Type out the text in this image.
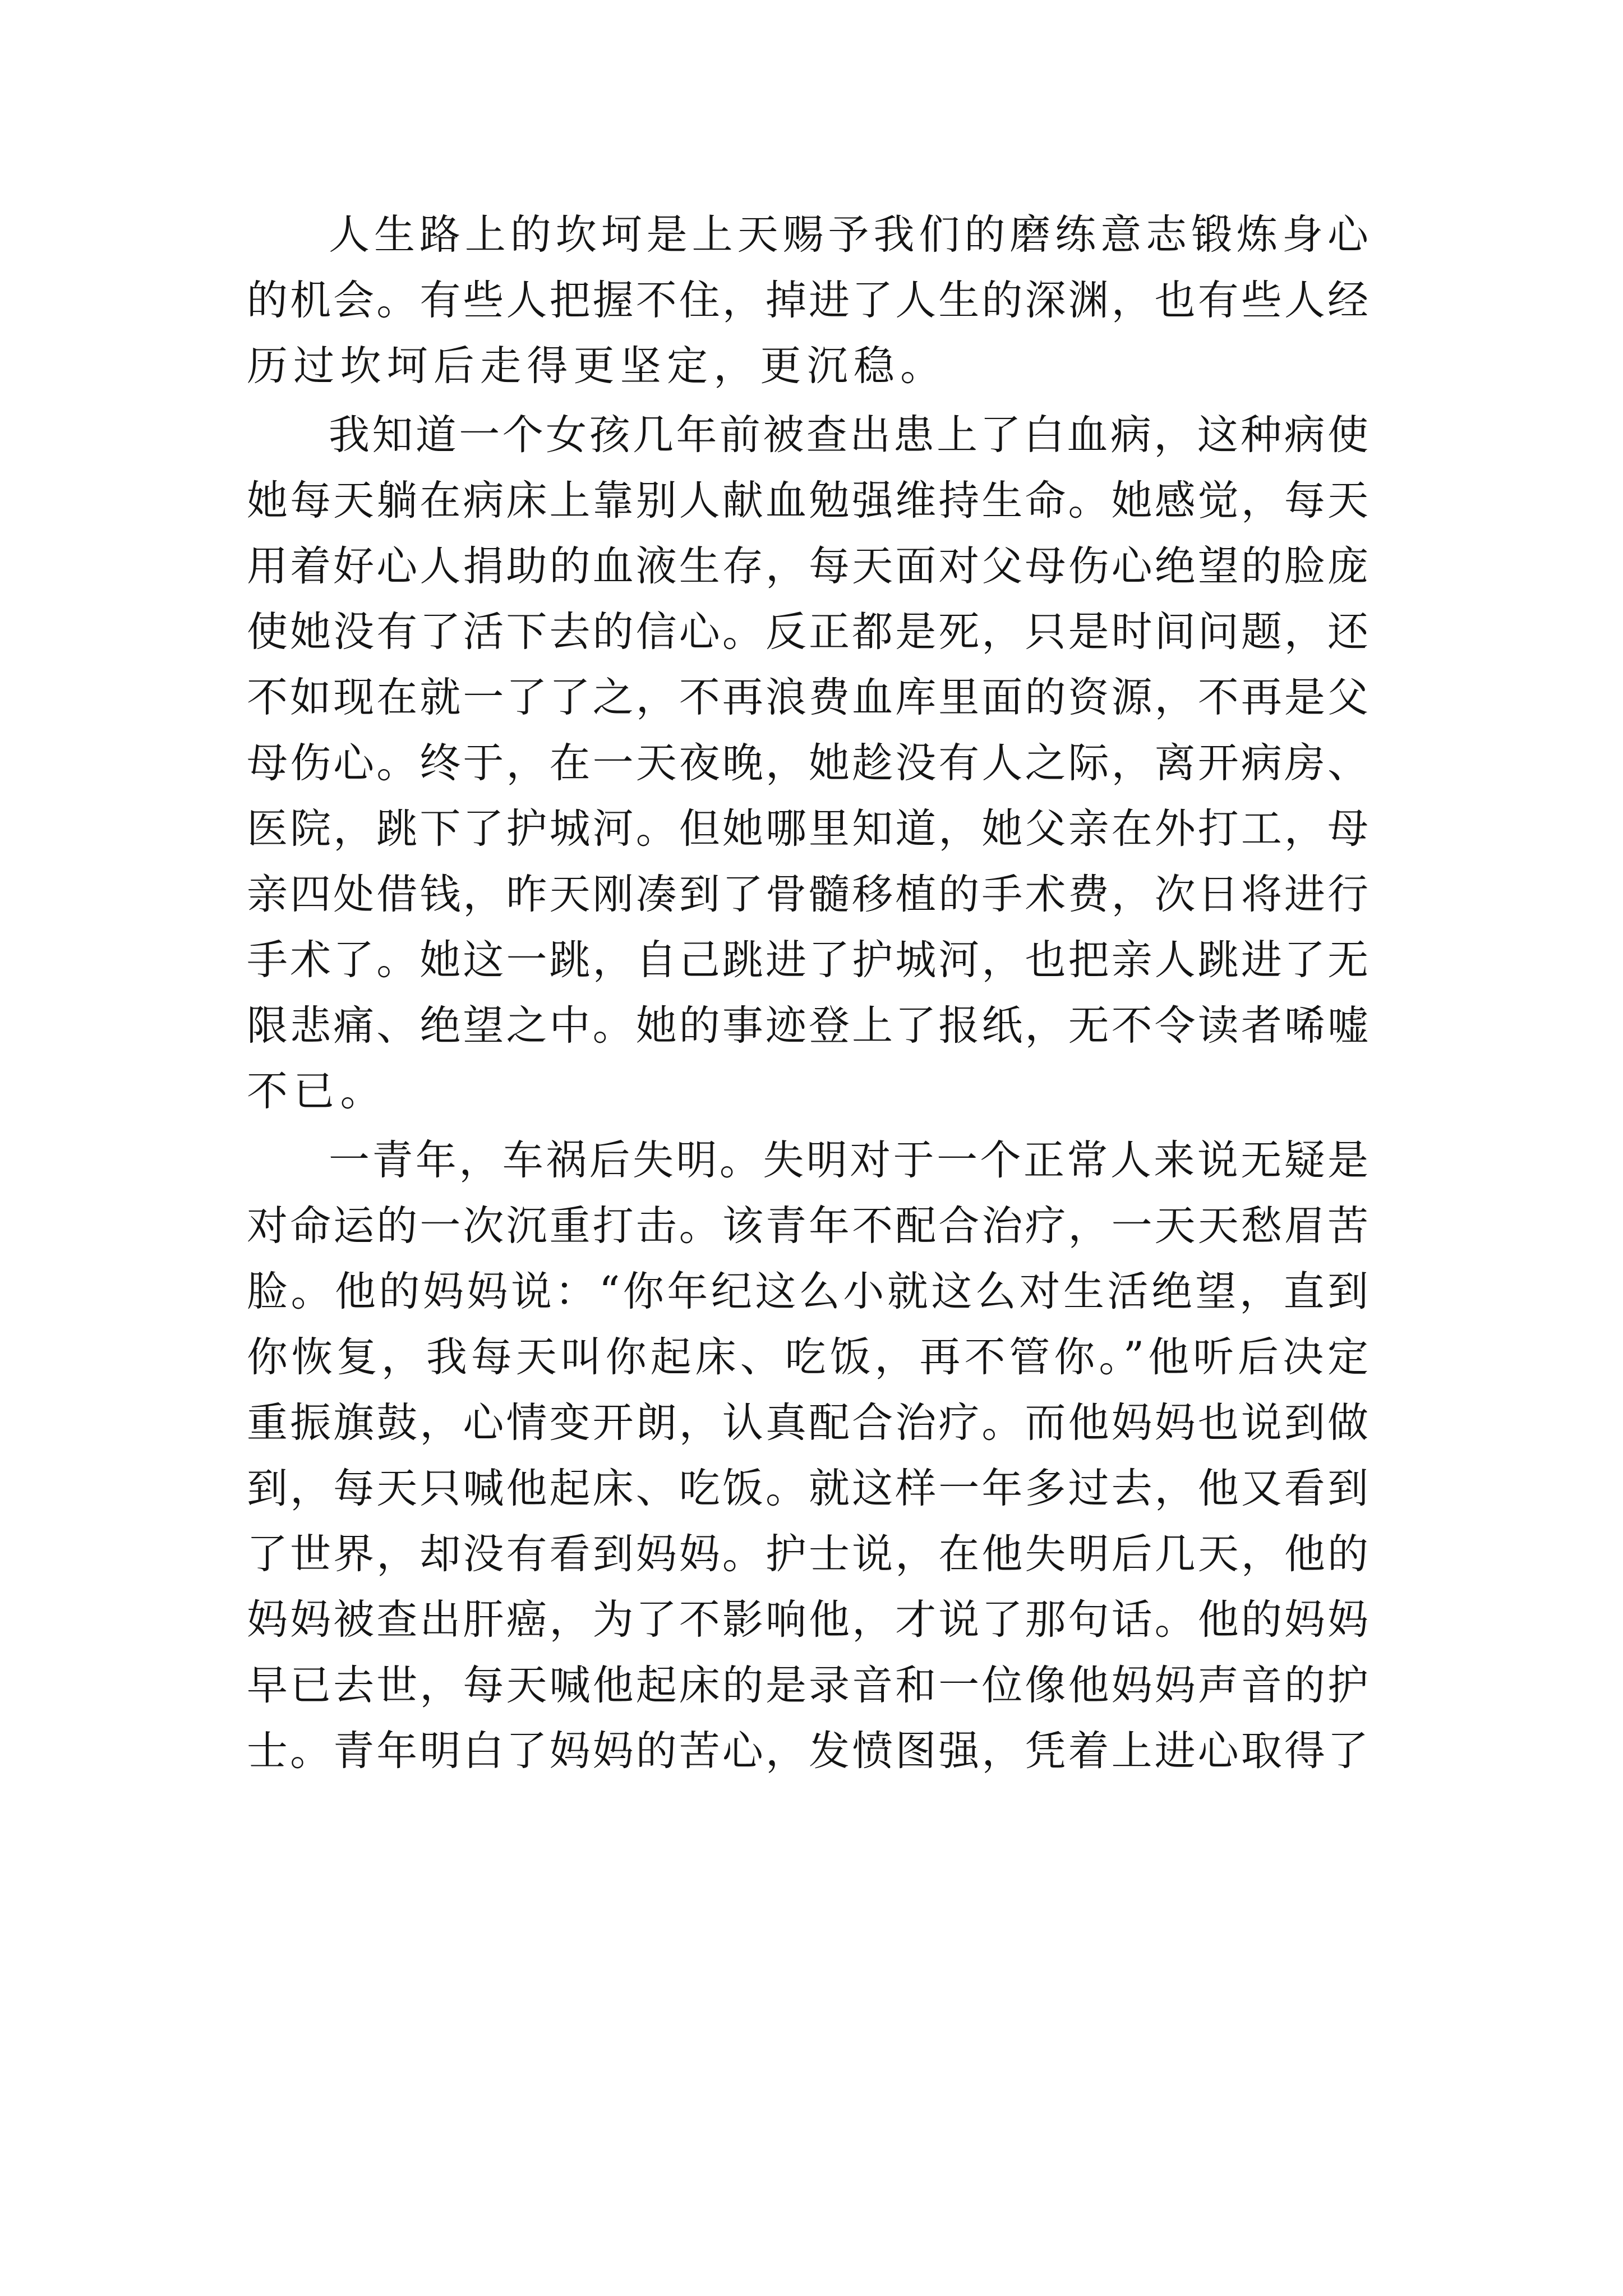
人生路上的坎坷是上天赐予我们的磨练意志锻炼身心
的机会。有些人把握不住，掉进了人生的深渊，也有些人经
历过坎坷后走得更坚定，更沉稳。
我知道一个女孩几年前被查出患上了白血病，这种病使
她每天躺在病床上靠别人献血勉强维持生命。她感觉，每天
用着好心人捐助的血液生存，每天面对父母伤心绝望的脸庞
使她没有了活下去的信心。反正都是死，只是时间问题，还
不如现在就一了了之，不再浪费血库里面的资源，不再是父
母伤心。终于，在一天夜晚，她趁没有人之际，离开病房、
医院，跳下了护城河。但她哪里知道，她父亲在外打工，母
亲四处借钱，昨天刚凑到了骨髓移植的手术费，次日将进行
手术了。她这一跳，自己跳进了护城河，也把亲人跳进了无
限悲痛、绝望之中。她的事迹登上了报纸，无不令读者唏嘘
不已。
一青年，车祸后失明。失明对于一个正常人来说无疑是
对命运的一次沉重打击。该青年不配合治疗，一天天愁眉苦
脸。他的妈妈说：“你年纪这么小就这么对生活绝望，直到
你恢复，我每天叫你起床、吃饭，再不管你。”他听后决定
重振旗鼓，心情变开朗，认真配合治疗。而他妈妈也说到做
到，每天只喊他起床、吃饭。就这样一年多过去，他又看到
了世界，却没有看到妈妈。护士说，在他失明后几天，他的
妈妈被查出肝癌，为了不影响他，才说了那句话。他的妈妈
早已去世，每天喊他起床的是录音和一位像他妈妈声音的护
士。青年明白了妈妈的苦心，发愤图强，凭着上进心取得了
